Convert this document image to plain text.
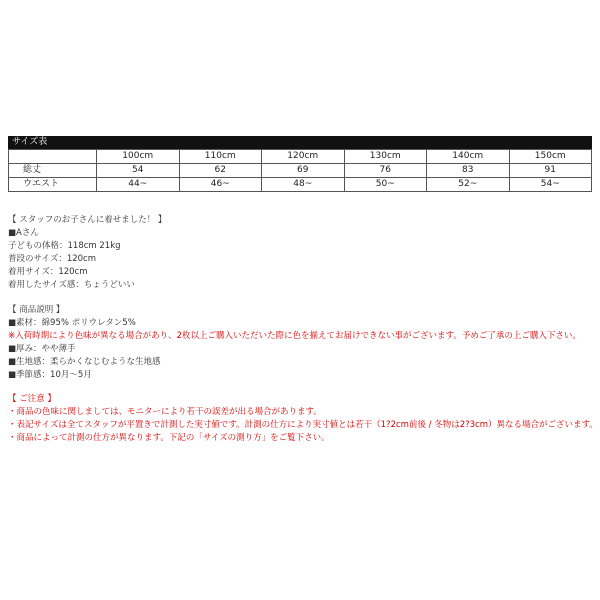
サイズ表
	100cm	110cm	120cm	130cm	140cm	150cm
総丈	54	62	69	76	83	91
ウエスト	44~	46~	48~	50~	52~	54~
【 スタッフのお子さんに着せました！ 】
■Aさん
子どもの体格：118cm 21kg
普段のサイズ：120cm
着用サイズ：120cm
着用したサイズ感：ちょうどいい
【 商品説明 】
■素材：綿95% ポリウレタン5%
※入荷時期により色味が異なる場合があり、2枚以上ご購入いただいた際に色を揃えてお届けできない事がございます。予めご了承の上ご購入下さい。
■厚み：やや薄手
■生地感：柔らかくなじむような生地感
■季節感：10月～5月
【 ご注意 】
・商品の色味に関しましては、モニターにより若干の誤差が出る場合があります。
・表記サイズは全てスタッフが平置きで計測した実寸値です。計測の仕方により実寸値とは若干（1?2cm前後 / 冬物は2?3cm）異なる場合がございます。
・商品によって計測の仕方が異なります。下記の「サイズの測り方」をご覧下さい。
